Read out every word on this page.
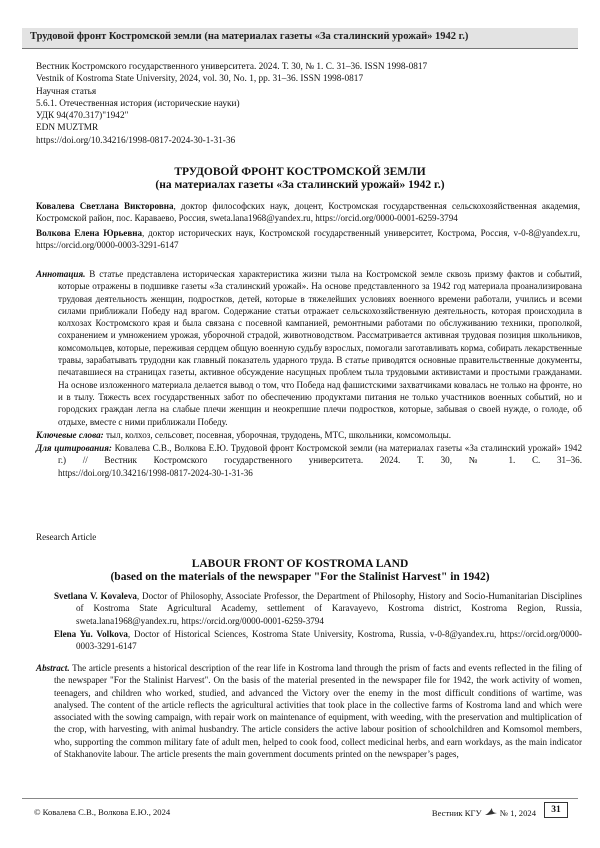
Трудовой фронт Костромской земли (на материалах газеты «За сталинский урожай» 1942 г.)
Вестник Костромского государственного университета. 2024. Т. 30, № 1. С. 31–36. ISSN 1998-0817
Vestnik of Kostroma State University, 2024, vol. 30, No. 1, pp. 31–36. ISSN 1998-0817
Научная статья
5.6.1. Отечественная история (исторические науки)
УДК 94(470.317)"1942"
EDN MUZTMR
https://doi.org/10.34216/1998-0817-2024-30-1-31-36
ТРУДОВОЙ ФРОНТ КОСТРОМСКОЙ ЗЕМЛИ
(на материалах газеты «За сталинский урожай» 1942 г.)

Ковалева Светлана Викторовна, доктор философских наук, доцент, Костромская государственная сельскохозяйственная академия, Костромской район, пос. Караваево, Россия, sweta.lana1968@yandex.ru, https://orcid.org/0000-0001-6259-3794

Волкова Елена Юрьевна, доктор исторических наук, Костромской государственный университет, Кострома, Россия, v-0-8@yandex.ru, https://orcid.org/0000-0003-3291-6147

Аннотация. В статье представлена историческая характеристика жизни тыла на Костромской земле сквозь призму фактов и событий, которые отражены в подшивке газеты «За сталинский урожай». На основе представленного за 1942 год материала проанализирована трудовая деятельность женщин, подростков, детей, которые в тяжелейших условиях военного времени работали, учились и всеми силами приближали Победу над врагом. Содержание статьи отражает сельскохозяйственную деятельность, которая происходила в колхозах Костромского края и была связана с посевной кампанией, ремонтными работами по обслуживанию техники, прополкой, сохранением и умножением урожая, уборочной страдой, животноводством. Рассматривается активная трудовая позиция школьников, комсомольцев, которые, переживая сердцем общую военную судьбу взрослых, помогали заготавливать корма, собирать лекарственные травы, зарабатывать трудодни как главный показатель ударного труда. В статье приводятся основные правительственные документы, печатавшиеся на страницах газеты, активное обсуждение насущных проблем тыла трудовыми активистами и простыми гражданами. На основе изложенного материала делается вывод о том, что Победа над фашистскими захватчиками ковалась не только на фронте, но и в тылу. Тяжесть всех государственных забот по обеспечению продуктами питания не только участников военных событий, но и городских граждан легла на слабые плечи женщин и неокрепшие плечи подростков, которые, забывая о своей нужде, о голоде, об отдыхе, вместе с ними приближали Победу.

Ключевые слова: тыл, колхоз, сельсовет, посевная, уборочная, трудодень, МТС, школьники, комсомольцы.

Для цитирования: Ковалева С.В., Волкова Е.Ю. Трудовой фронт Костромской земли (на материалах газеты «За сталинский урожай» 1942 г.) // Вестник Костромского государственного университета. 2024. Т. 30, № 1. С. 31–36. https://doi.org/10.34216/1998-0817-2024-30-1-31-36

Research Article
LABOUR FRONT OF KOSTROMA LAND
(based on the materials of the newspaper "For the Stalinist Harvest" in 1942)

Svetlana V. Kovaleva, Doctor of Philosophy, Associate Professor, the Department of Philosophy, History and Socio-Humanitarian Disciplines of Kostroma State Agricultural Academy, settlement of Karavayevo, Kostroma district, Kostroma Region, Russia, sweta.lana1968@yandex.ru, https://orcid.org/0000-0001-6259-3794

Elena Yu. Volkova, Doctor of Historical Sciences, Kostroma State University, Kostroma, Russia, v-0-8@yandex.ru, https://orcid.org/0000-0003-3291-6147

Abstract. The article presents a historical description of the rear life in Kostroma land through the prism of facts and events reflected in the filing of the newspaper "For the Stalinist Harvest". On the basis of the material presented in the newspaper file for 1942, the work activity of women, teenagers, and children who worked, studied, and advanced the Victory over the enemy in the most difficult conditions of wartime, was analysed. The content of the article reflects the agricultural activities that took place in the collective farms of Kostroma land and which were associated with the sowing campaign, with repair work on maintenance of equipment, with weeding, with the preservation and multiplication of the crop, with harvesting, with animal husbandry. The article considers the active labour position of schoolchildren and Komsomol members, who, supporting the common military fate of adult men, helped to cook food, collect medicinal herbs, and earn workdays, as the main indicator of Stakhanovite labour. The article presents the main government documents printed on the newspaper’s pages,

© Ковалева С.В., Волкова Е.Ю., 2024	Вестник КГУ № 1, 2024	31
